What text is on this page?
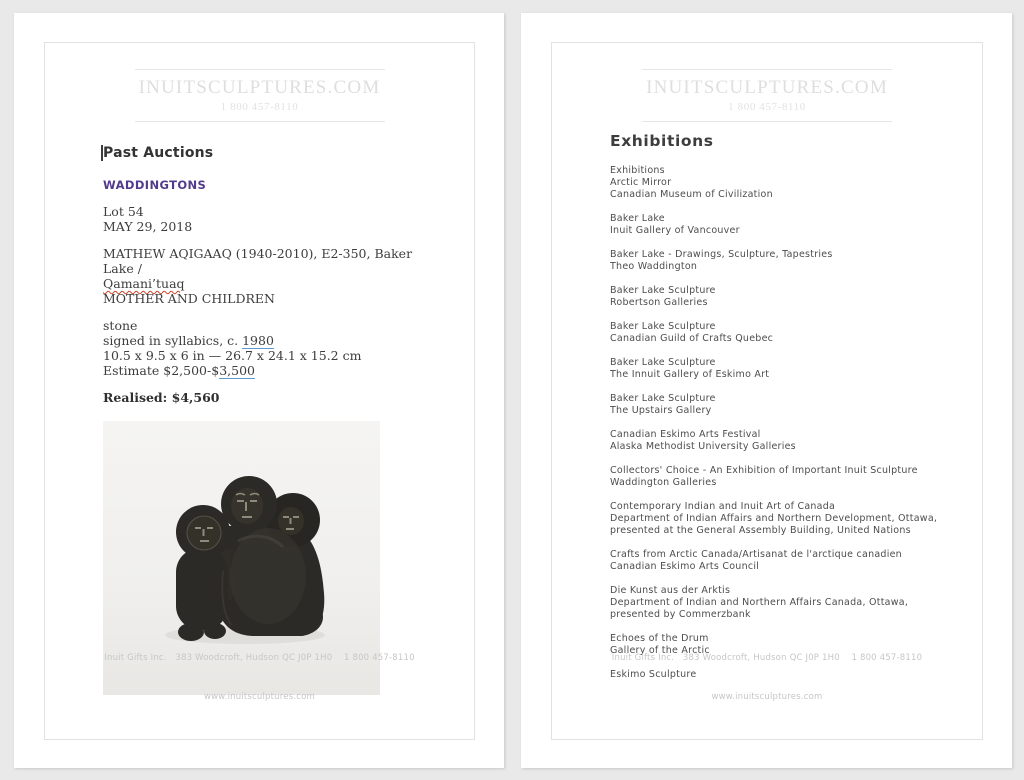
INUITSCULPTURES.COM
1 800 457-8110
Past Auctions
WADDINGTONS

Lot 54
MAY 29, 2018

MATHEW AQIGAAQ (1940-2010), E2-350, Baker Lake /
Qamani’tuaq
MOTHER AND CHILDREN

stone
signed in syllabics, c. 1980
10.5 x 9.5 x 6 in — 26.7 x 24.1 x 15.2 cm
Estimate $2,500-$3,500

Realised: $4,560

Inuit Gifts Inc.   383 Woodcroft, Hudson QC J0P 1H0    1 800 457-8110

www.inuitsculptures.com

INUITSCULPTURES.COM
1 800 457-8110
Exhibitions
Exhibitions
Arctic Mirror
Canadian Museum of Civilization
Baker Lake
Inuit Gallery of Vancouver
Baker Lake - Drawings, Sculpture, Tapestries
Theo Waddington
Baker Lake Sculpture
Robertson Galleries
Baker Lake Sculpture
Canadian Guild of Crafts Quebec
Baker Lake Sculpture
The Innuit Gallery of Eskimo Art
Baker Lake Sculpture
The Upstairs Gallery
Canadian Eskimo Arts Festival
Alaska Methodist University Galleries
Collectors' Choice - An Exhibition of Important Inuit Sculpture
Waddington Galleries
Contemporary Indian and Inuit Art of Canada
Department of Indian Affairs and Northern Development, Ottawa,
presented at the General Assembly Building, United Nations
Crafts from Arctic Canada/Artisanat de l'arctique canadien
Canadian Eskimo Arts Council
Die Kunst aus der Arktis
Department of Indian and Northern Affairs Canada, Ottawa,
presented by Commerzbank
Echoes of the Drum
Gallery of the Arctic
Eskimo Sculpture

Inuit Gifts Inc.   383 Woodcroft, Hudson QC J0P 1H0    1 800 457-8110

www.inuitsculptures.com
